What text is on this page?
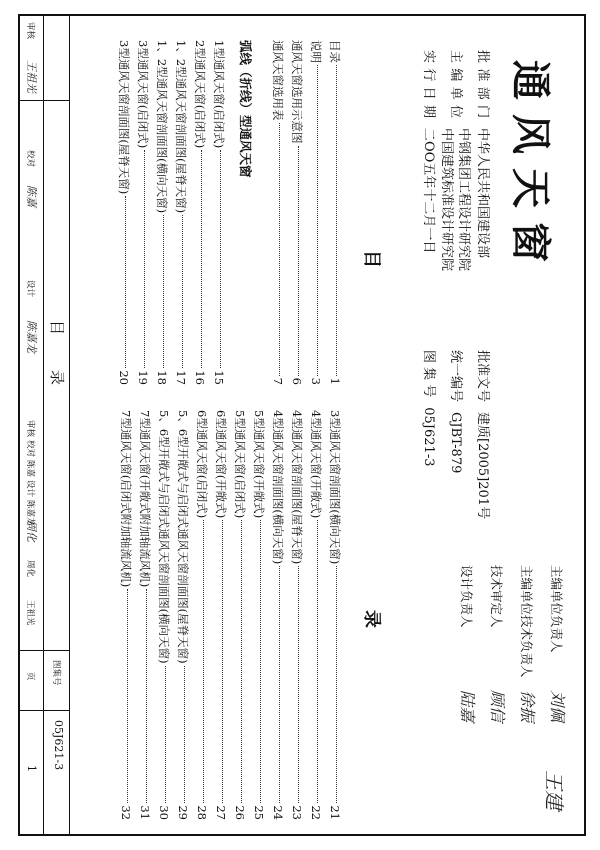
通风天窗
批准部门中华人民共和国建设部
批准文号建质[2005]201号
主编单位
中钢集团工程设计研究院
中国建筑标准设计研究院
统一编号GJBT-879
实行日期二OO五年十二月一日
图 集 号05J621-3
目
录
目录
1
说明
3
通风天窗选用示意图
6
通风天窗选用表
7
弧线（折线）型通风天窗
1型通风天窗(启闭式)
15
2型通风天窗(启闭式)
16
1、2型通风天窗剖面图(屋脊天窗)
17
1、2型通风天窗剖面图(横向天窗)
18
3型通风天窗(启闭式)
19
3型通风天窗剖面图(屋脊天窗)
20
3型通风天窗剖面图(横向天窗)
21
4型通风天窗(开敞式)
22
4型通风天窗剖面图(屋脊天窗)
23
4型通风天窗剖面图(横向天窗)
24
5型通风天窗(开敞式)
25
5型通风天窗(启闭式)
26
6型通风天窗(开敞式)
27
6型通风天窗(启闭式)
28
5、6型开敞式与启闭式通风天窗剖面图(屋脊天窗)
29
5、6型开敞式与启闭式通风天窗剖面图(横向天窗)
30
7型通风天窗(开敞式附加轴流风机)
31
7型通风天窗(启闭式附加轴流风机)
32
主编单位负责人刘佩
主编单位技术负责人徐振
技术审定人顾信
设计负责人陆嘉
王建
目　录
图集号
05J621-3
页
1
审核
王祖光
校对
陈嘉
设计
陈嘉龙
周化
审核
王祖光
校对
陈嘉
设计
陈嘉龙
周化
